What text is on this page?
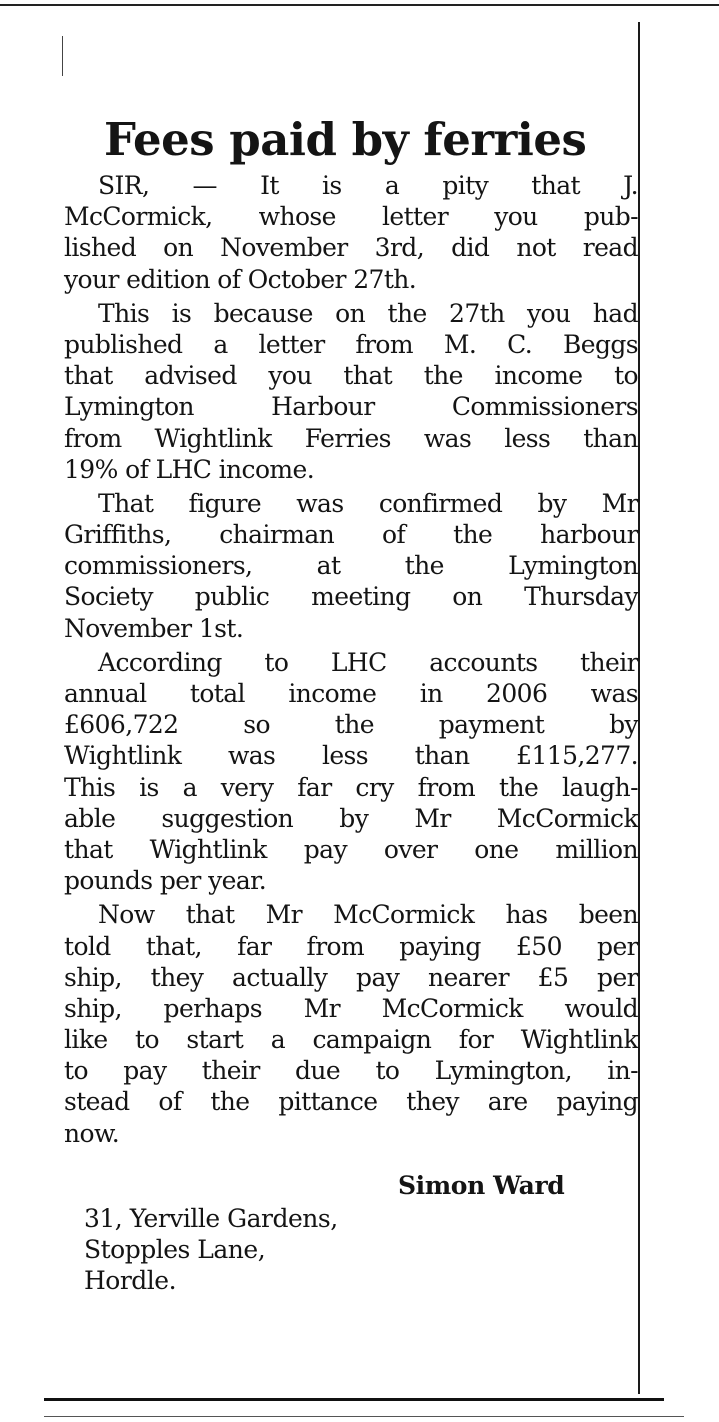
Fees paid by ferries
SIR, — It is a pity that J.
McCormick, whose letter you pub-
lished on November 3rd, did not read
your edition of October 27th.
This is because on the 27th you had
published a letter from M. C. Beggs
that advised you that the income to
Lymington Harbour Commissioners
from Wightlink Ferries was less than
19% of LHC income.
That figure was confirmed by Mr
Griffiths, chairman of the harbour
commissioners, at the Lymington
Society public meeting on Thursday
November 1st.
According to LHC accounts their
annual total income in 2006 was
£606,722 so the payment by
Wightlink was less than £115,277.
This is a very far cry from the laugh-
able suggestion by Mr McCormick
that Wightlink pay over one million
pounds per year.
Now that Mr McCormick has been
told that, far from paying £50 per
ship, they actually pay nearer £5 per
ship, perhaps Mr McCormick would
like to start a campaign for Wightlink
to pay their due to Lymington, in-
stead of the pittance they are paying
now.
Simon Ward
31, Yerville Gardens,
Stopples Lane,
Hordle.
